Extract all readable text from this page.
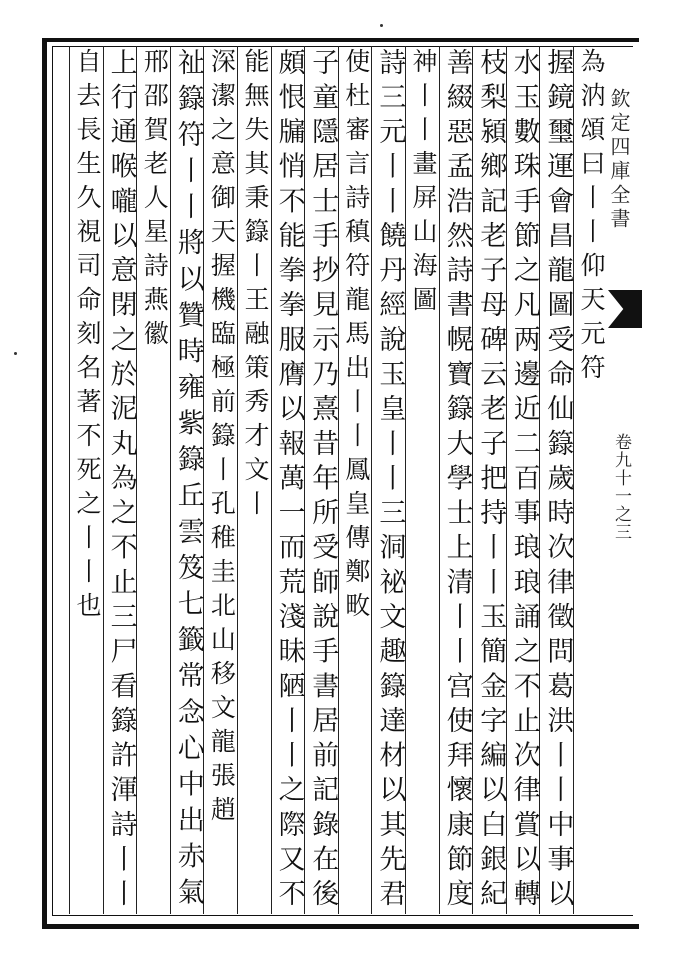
欽定四庫全書
卷九十一之三
為汭頌曰丨丨仰天元符
握鏡璽運會昌龍圖受命仙籙歲時次律徵問葛洪丨丨中事以
水玉數珠手節之凡两邊近二百事琅琅誦之不止次律賞以轉
枝梨潁鄉記老子母碑云老子把持丨丨玉簡金字編以白銀紀
善綴惡孟浩然詩書幌寶籙大學士上清丨丨宫使拜懷康節度
神丨丨畫屏山海圖
詩三元丨丨饒丹經說玉皇丨丨三洞祕文趣籙達材以其先君
使杜審言詩稹符龍馬出丨丨鳳皇傳鄭畋
子童隱居士手抄見示乃熹昔年所受師說手書居前記錄在後
頗恨牖悄不能拳拳服膺以報萬一而荒淺昧陋丨丨之際又不
能無失其秉籙丨王融策秀才文丨
深潔之意御天握機臨極前籙丨孔稚圭北山移文龍張趙
祉籙符丨丨將以贊時雍紫籙丘雲笈七籤常念心中出赤氣
邢邵賀老人星詩燕徽
上行通喉嚨以意閉之於泥丸為之不止三尸看籙許渾詩丨丨
自去長生久視司命刻名著不死之丨丨也
